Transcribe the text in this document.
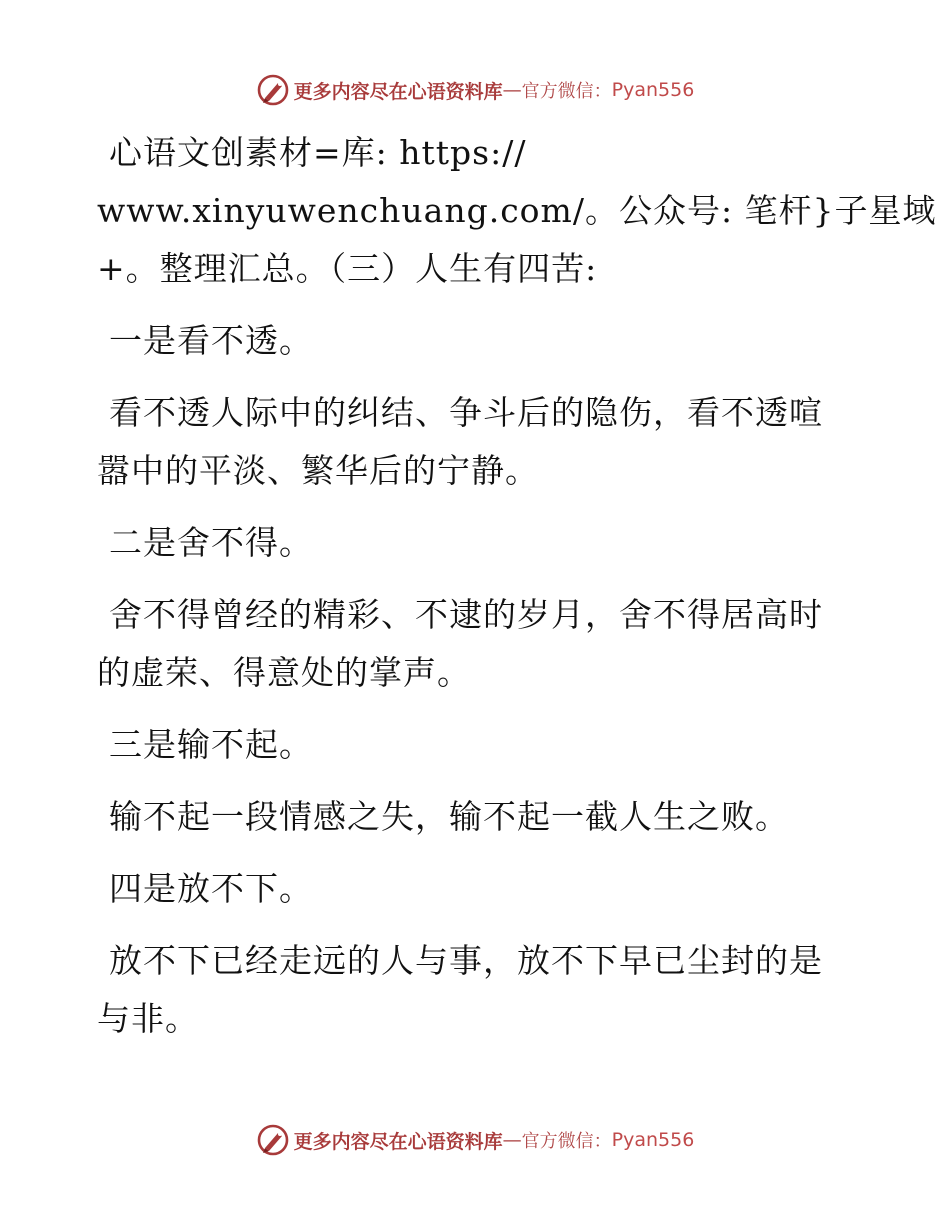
更多内容尽在心语资料库 — 官方微信： Pyan556
心语文创素材=库: https://
www.xinyuwenchuang.com/。公众号: 笔杆}子星域
+。整理汇总。（三）人生有四苦:
一是看不透。
看不透人际中的纠结、争斗后的隐伤，看不透喧
嚣中的平淡、繁华后的宁静。
二是舍不得。
舍不得曾经的精彩、不逮的岁月，舍不得居高时
的虚荣、得意处的掌声。
三是输不起。
输不起一段情感之失，输不起一截人生之败。
四是放不下。
放不下已经走远的人与事，放不下早已尘封的是
与非。
更多内容尽在心语资料库 — 官方微信： Pyan556
